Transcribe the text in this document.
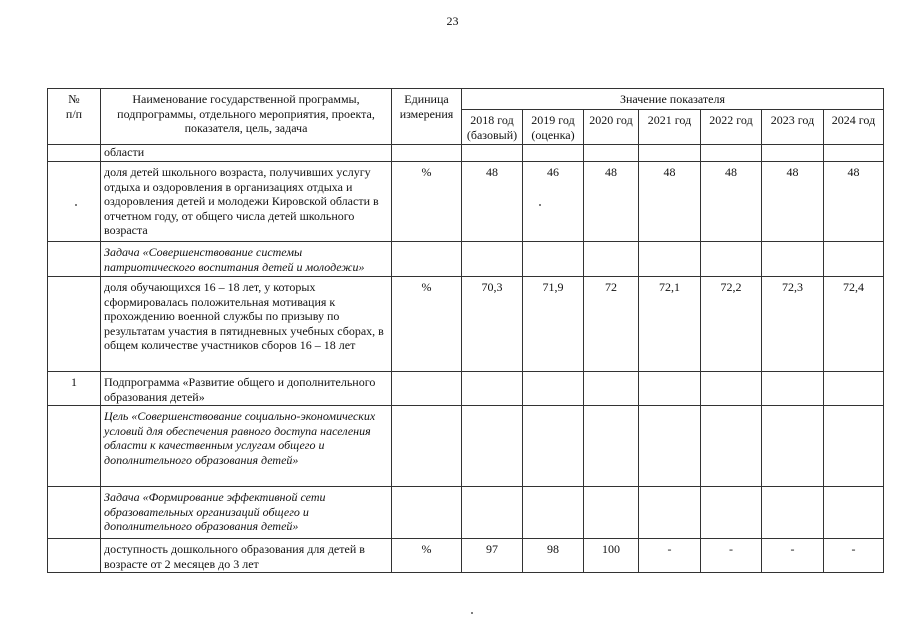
23
№
п/п	Наименование государственной программы, подпрограммы, отдельного мероприятия, проекта, показателя, цель, задача	Единица измерения	Значение показателя						
			2018 год (базовый)	2019 год (оценка)	2020 год	2021 год	2022 год	2023 год	2024 год
	области								
	доля детей школьного возраста, получивших услугу отдыха и оздоровления в организациях отдыха и оздоровления детей и молодежи Кировской области в отчетном году, от общего числа детей школьного возраста	%	48	46	48	48	48	48	48
	Задача «Совершенствование системы патриотического воспитания детей и молодежи»								
	доля обучающихся 16 – 18 лет, у которых сформировалась положительная мотивация к прохождению военной службы по призыву по результатам участия в пятидневных учебных сборах, в общем количестве участников сборов 16 – 18 лет	%	70,3	71,9	72	72,1	72,2	72,3	72,4
1	Подпрограмма «Развитие общего и дополнительного образования детей»								
	Цель «Совершенствование социально-экономических условий для обеспечения равного доступа населения области к качественным услугам общего и дополнительного образования детей»								
	Задача «Формирование эффективной сети образовательных организаций общего и дополнительного образования детей»								
	доступность дошкольного образования для детей в возрасте от 2 месяцев до 3 лет	%	97	98	100	-	-	-	-
